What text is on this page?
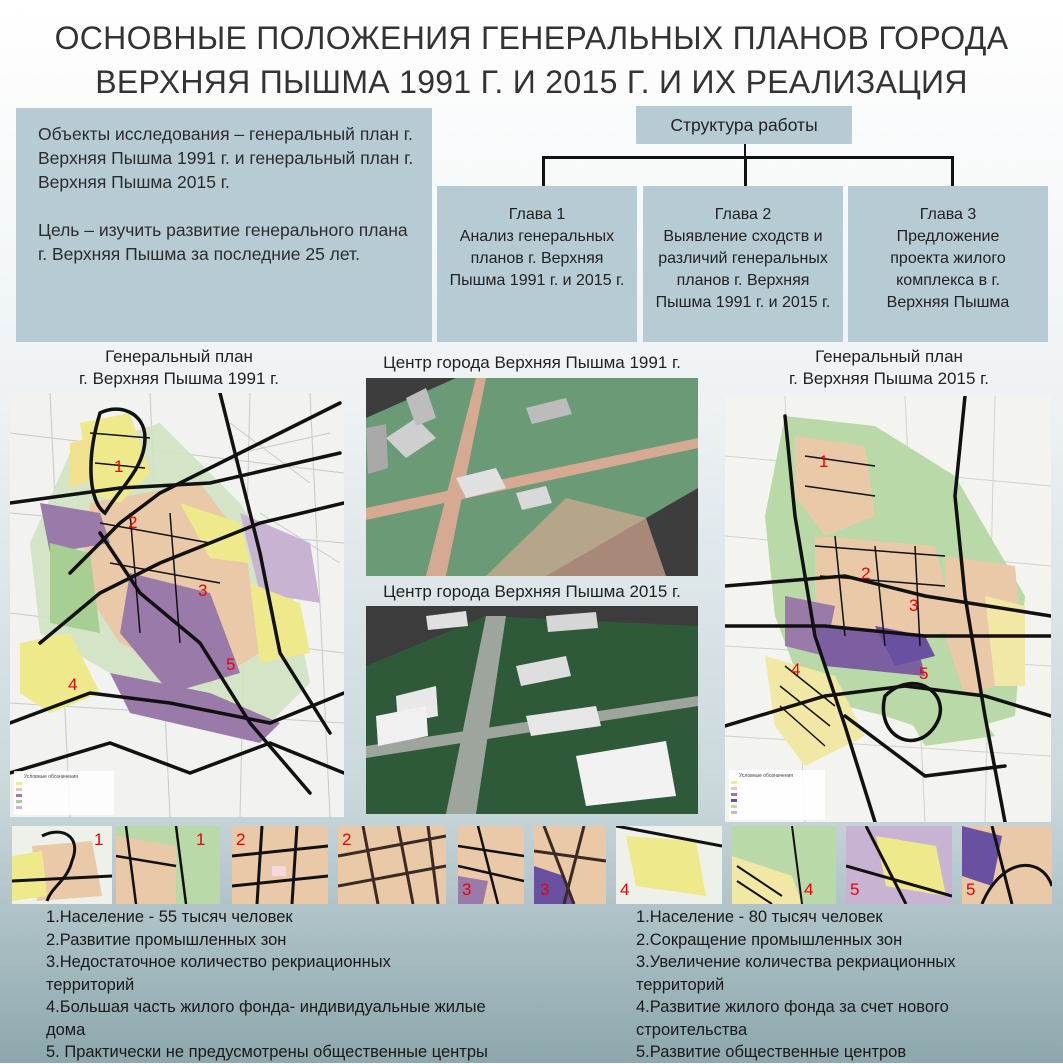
ОСНОВНЫЕ ПОЛОЖЕНИЯ ГЕНЕРАЛЬНЫХ ПЛАНОВ ГОРОДА
ВЕРХНЯЯ ПЫШМА 1991 Г. И 2015 Г. И ИХ РЕАЛИЗАЦИЯ

Объекты исследования – генеральный план г. Верхняя Пышма 1991 г. и генеральный план г. Верхняя Пышма 2015 г.

Цель – изучить развитие генерального плана г. Верхняя Пышма за последние 25 лет.

Структура работы
Глава 1
Анализ генеральных планов г. Верхняя Пышма 1991 г. и 2015 г.
Глава 2
Выявление сходств и различий генеральных планов г. Верхняя Пышма 1991 г. и 2015 г.
Глава 3
Предложение проекта жилого комплекса в г. Верхняя Пышма
Генеральный план
г. Верхняя Пышма 1991 г.
Центр города Верхняя Пышма 1991 г.
Центр города Верхняя Пышма 2015 г.
Генеральный план
г. Верхняя Пышма 2015 г.
Условные обозначения
1
2
3
4
5
Условные обозначения
1
2
3
4	5
1	1 2	2
3	3	4	4 5	5
1.Население - 55 тысяч человек
2.Развитие промышленных зон
3.Недостаточное количество рекриационных территорий
4.Большая часть жилого фонда- индивидуальные жилые дома
5. Практически не предусмотрены общественные центры
1.Население - 80 тысяч человек
2.Сокращение промышленных зон
3.Увеличение количества рекриационных территорий
4.Развитие жилого фонда за счет нового строительства
5.Развитие общественные центров
